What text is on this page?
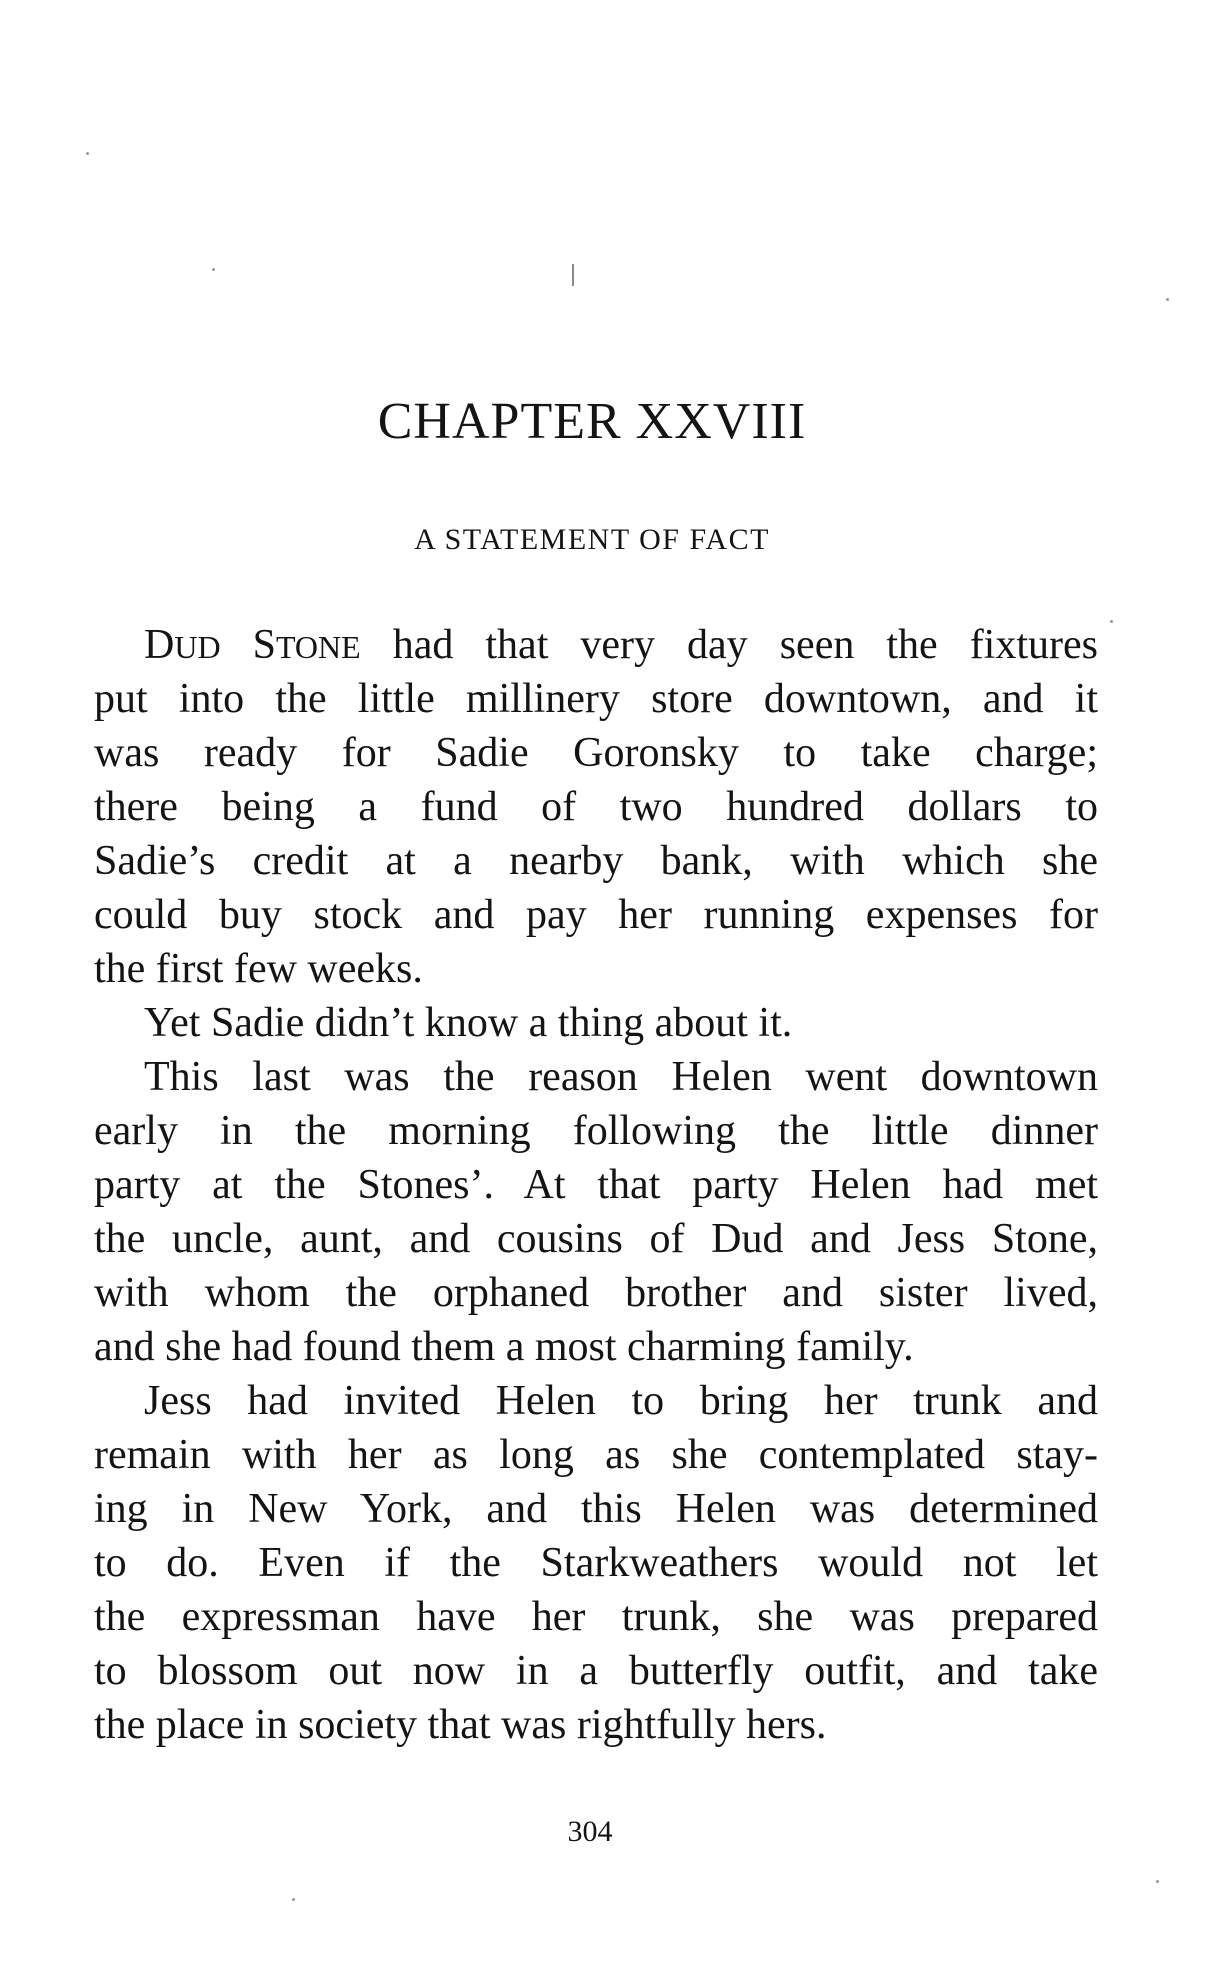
CHAPTER XXVIII
A STATEMENT OF FACT
DUD STONE had that very day seen the fixtures
put into the little millinery store downtown, and it
was ready for Sadie Goronsky to take charge;
there being a fund of two hundred dollars to
Sadie’s credit at a nearby bank, with which she
could buy stock and pay her running expenses for
the first few weeks.
Yet Sadie didn’t know a thing about it.
This last was the reason Helen went downtown
early in the morning following the little dinner
party at the Stones’. At that party Helen had met
the uncle, aunt, and cousins of Dud and Jess Stone,
with whom the orphaned brother and sister lived,
and she had found them a most charming family.
Jess had invited Helen to bring her trunk and
remain with her as long as she contemplated stay-
ing in New York, and this Helen was determined
to do. Even if the Starkweathers would not let
the expressman have her trunk, she was prepared
to blossom out now in a butterfly outfit, and take
the place in society that was rightfully hers.

304
